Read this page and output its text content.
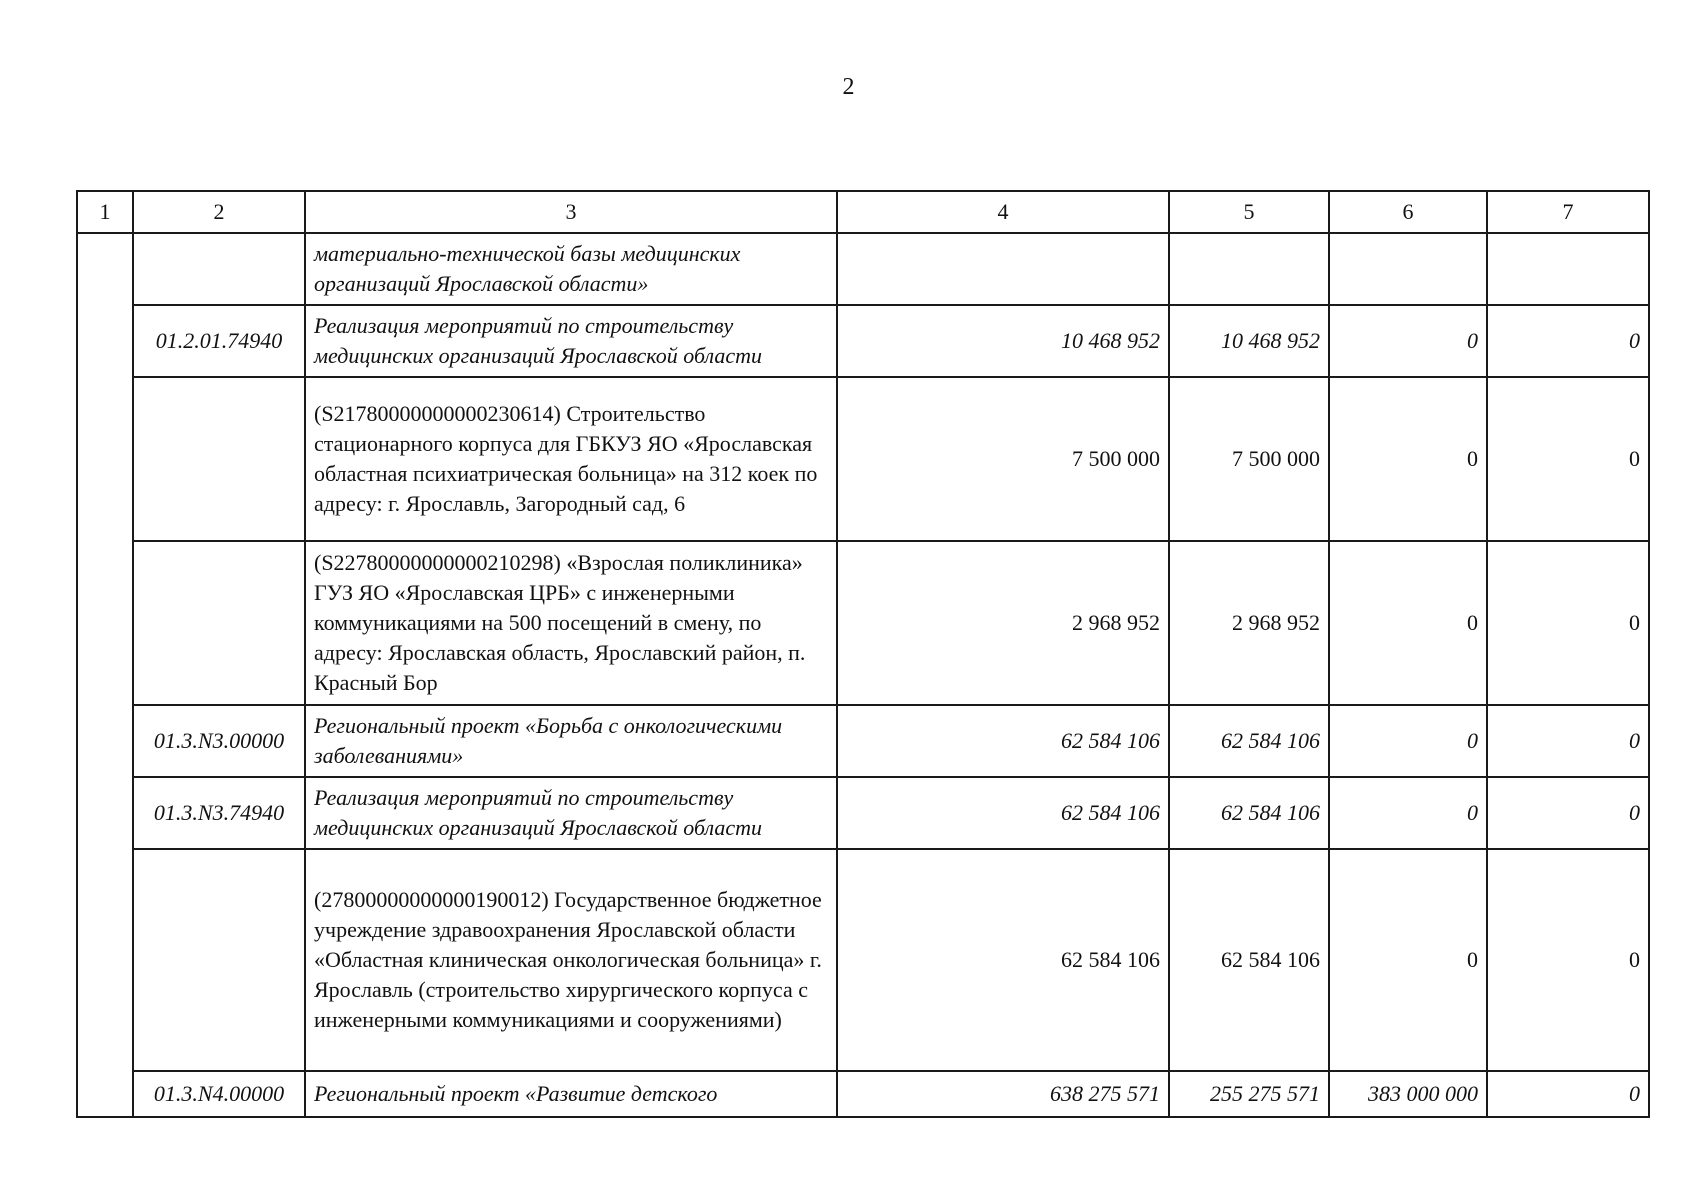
2
1	2	3	4	5	6	7
		материально-технической базы медицинских организаций Ярославской области»				
	01.2.01.74940	Реализация мероприятий по строительству медицинских организаций Ярославской области	10 468 952	10 468 952	0	0
		(S21780000000000230614) Строительство стационарного корпуса для ГБКУЗ ЯО «Ярославская областная психиатрическая больница» на 312 коек по адресу: г. Ярославль, Загородный сад, 6	7 500 000	7 500 000	0	0
		(S22780000000000210298) «Взрослая поликлиника» ГУЗ ЯО «Ярославская ЦРБ» с инженерными коммуникациями на 500 посещений в смену, по адресу: Ярославская область, Ярославский район, п. Красный Бор	2 968 952	2 968 952	0	0
	01.3.N3.00000	Региональный проект «Борьба с онкологическими заболеваниями»	62 584 106	62 584 106	0	0
	01.3.N3.74940	Реализация мероприятий по строительству медицинских организаций Ярославской области	62 584 106	62 584 106	0	0
		(27800000000000190012) Государственное бюджетное учреждение здравоохранения Ярославской области «Областная клиническая онкологическая больница» г. Ярославль (строительство хирургического корпуса с инженерными коммуникациями и сооружениями)	62 584 106	62 584 106	0	0
	01.3.N4.00000	Региональный проект «Развитие детского	638 275 571	255 275 571	383 000 000	0
